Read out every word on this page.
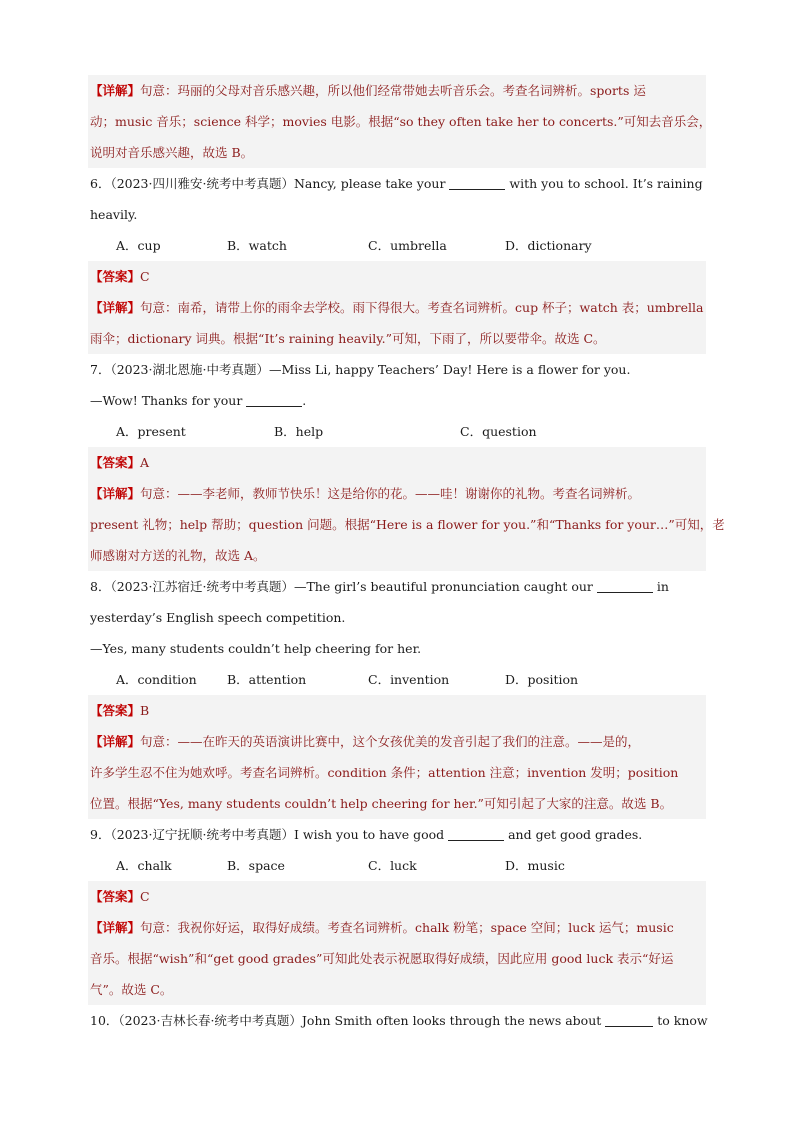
【详解】句意：玛丽的父母对音乐感兴趣，所以他们经常带她去听音乐会。考查名词辨析。sports 运
动；music 音乐；science 科学；movies 电影。根据“so they often take her to concerts.”可知去音乐会，
说明对音乐感兴趣，故选 B。
6．（2023·四川雅安·统考中考真题）Nancy, please take your	with you to school. It’s raining
heavily.
A．cup	B．watch	C．umbrella	D．dictionary
【答案】C
【详解】句意：南希，请带上你的雨伞去学校。雨下得很大。考查名词辨析。cup 杯子；watch 表；umbrella
雨伞；dictionary 词典。根据“It’s raining heavily.”可知，下雨了，所以要带伞。故选 C。
7．（2023·湖北恩施·中考真题）—Miss Li, happy Teachers’ Day! Here is a flower for you.
—Wow! Thanks for your	.
A．present	B．help	C．question
【答案】A
【详解】句意：——李老师，教师节快乐！这是给你的花。——哇！谢谢你的礼物。考查名词辨析。
present 礼物；help 帮助；question 问题。根据“Here is a flower for you.”和“Thanks for your…”可知，老
师感谢对方送的礼物，故选 A。
8．（2023·江苏宿迁·统考中考真题）—The girl’s beautiful pronunciation caught our	in
yesterday’s English speech competition.
—Yes, many students couldn’t help cheering for her.
A．condition B．attention	C．invention	D．position
【答案】B
【详解】句意：——在昨天的英语演讲比赛中，这个女孩优美的发音引起了我们的注意。——是的，
许多学生忍不住为她欢呼。考查名词辨析。condition 条件；attention 注意；invention 发明；position
位置。根据“Yes, many students couldn’t help cheering for her.”可知引起了大家的注意。故选 B。
9．（2023·辽宁抚顺·统考中考真题）I wish you to have good	and get good grades.
A．chalk	B．space	C．luck	D．music
【答案】C
【详解】句意：我祝你好运，取得好成绩。考查名词辨析。chalk 粉笔；space 空间；luck 运气；music
音乐。根据“wish”和“get good grades”可知此处表示祝愿取得好成绩，因此应用 good luck 表示“好运
气”。故选 C。
10．（2023·吉林长春·统考中考真题）John Smith often looks through the news about	to know
